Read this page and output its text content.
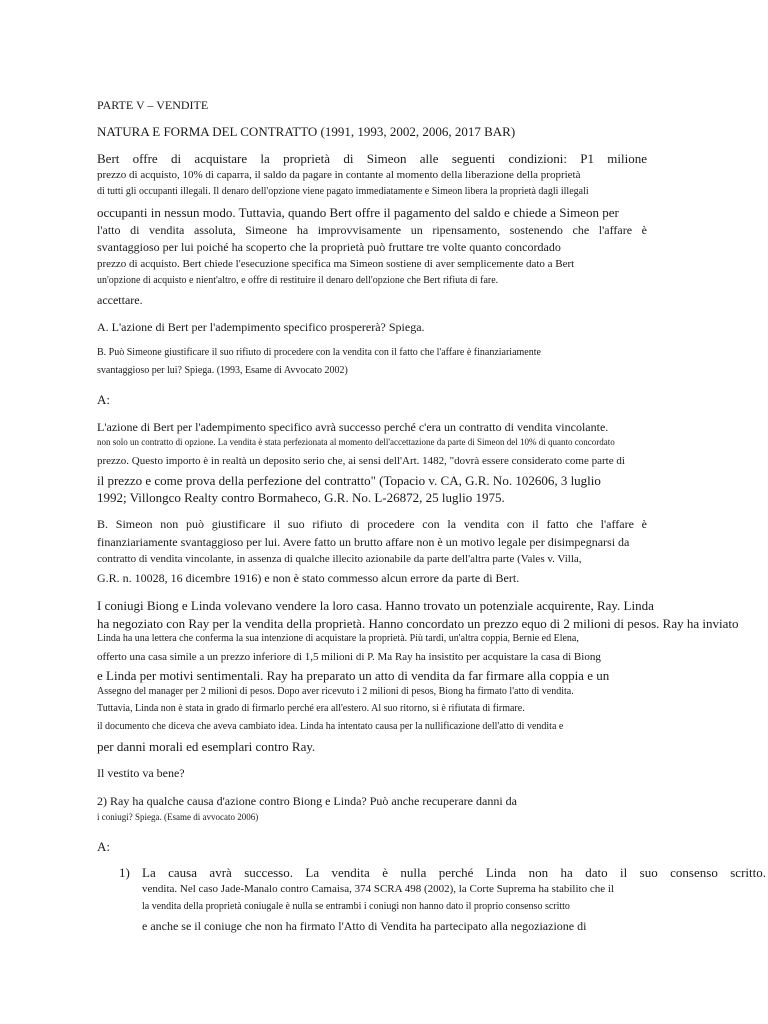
PARTE V – VENDITE
NATURA E FORMA DEL CONTRATTO (1991, 1993, 2002, 2006, 2017 BAR)
Bert offre di acquistare la proprietà di Simeon alle seguenti condizioni: P1 milione
prezzo di acquisto, 10% di caparra, il saldo da pagare in contante al momento della liberazione della proprietà
di tutti gli occupanti illegali. Il denaro dell'opzione viene pagato immediatamente e Simeon libera la proprietà dagli illegali
occupanti in nessun modo. Tuttavia, quando Bert offre il pagamento del saldo e chiede a Simeon per
l'atto di vendita assoluta, Simeone ha improvvisamente un ripensamento, sostenendo che l'affare è
svantaggioso per lui poiché ha scoperto che la proprietà può fruttare tre volte quanto concordado
prezzo di acquisto. Bert chiede l'esecuzione specifica ma Simeon sostiene di aver semplicemente dato a Bert
un'opzione di acquisto e nient'altro, e offre di restituire il denaro dell'opzione che Bert rifiuta di fare.
accettare.
A. L'azione di Bert per l'adempimento specifico prospererà? Spiega.
B. Può Simeone giustificare il suo rifiuto di procedere con la vendita con il fatto che l'affare è finanziariamente
svantaggioso per lui? Spiega. (1993, Esame di Avvocato 2002)
A:
L'azione di Bert per l'adempimento specifico avrà successo perché c'era un contratto di vendita vincolante.
non solo un contratto di opzione. La vendita è stata perfezionata al momento dell'accettazione da parte di Simeon del 10% di quanto concordato
prezzo. Questo importo è in realtà un deposito serio che, ai sensi dell'Art. 1482, "dovrà essere considerato come parte di
il prezzo e come prova della perfezione del contratto" (Topacio v. CA, G.R. No. 102606, 3 luglio
1992; Villongco Realty contro Bormaheco, G.R. No. L-26872, 25 luglio 1975.
B. Simeon non può giustificare il suo rifiuto di procedere con la vendita con il fatto che l'affare è
finanziariamente svantaggioso per lui. Avere fatto un brutto affare non è un motivo legale per disimpegnarsi da
contratto di vendita vincolante, in assenza di qualche illecito azionabile da parte dell'altra parte (Vales v. Villa,
G.R. n. 10028, 16 dicembre 1916) e non è stato commesso alcun errore da parte di Bert.
I coniugi Biong e Linda volevano vendere la loro casa. Hanno trovato un potenziale acquirente, Ray. Linda
ha negoziato con Ray per la vendita della proprietà. Hanno concordato un prezzo equo di 2 milioni di pesos. Ray ha inviato
Linda ha una lettera che conferma la sua intenzione di acquistare la proprietà. Più tardi, un'altra coppia, Bernie ed Elena,
offerto una casa simile a un prezzo inferiore di 1,5 milioni di P. Ma Ray ha insistito per acquistare la casa di Biong
e Linda per motivi sentimentali. Ray ha preparato un atto di vendita da far firmare alla coppia e un
Assegno del manager per 2 milioni di pesos. Dopo aver ricevuto i 2 milioni di pesos, Biong ha firmato l'atto di vendita.
Tuttavia, Linda non è stata in grado di firmarlo perché era all'estero. Al suo ritorno, si è rifiutata di firmare.
il documento che diceva che aveva cambiato idea. Linda ha intentato causa per la nullificazione dell'atto di vendita e
per danni morali ed esemplari contro Ray.
Il vestito va bene?
2) Ray ha qualche causa d'azione contro Biong e Linda? Può anche recuperare danni da
i coniugi? Spiega. (Esame di avvocato 2006)
A:
1) La causa avrà successo. La vendita è nulla perché Linda non ha dato il suo consenso scritto.
vendita. Nel caso Jade-Manalo contro Camaisa, 374 SCRA 498 (2002), la Corte Suprema ha stabilito che il
la vendita della proprietà coniugale è nulla se entrambi i coniugi non hanno dato il proprio consenso scritto
e anche se il coniuge che non ha firmato l'Atto di Vendita ha partecipato alla negoziazione di
